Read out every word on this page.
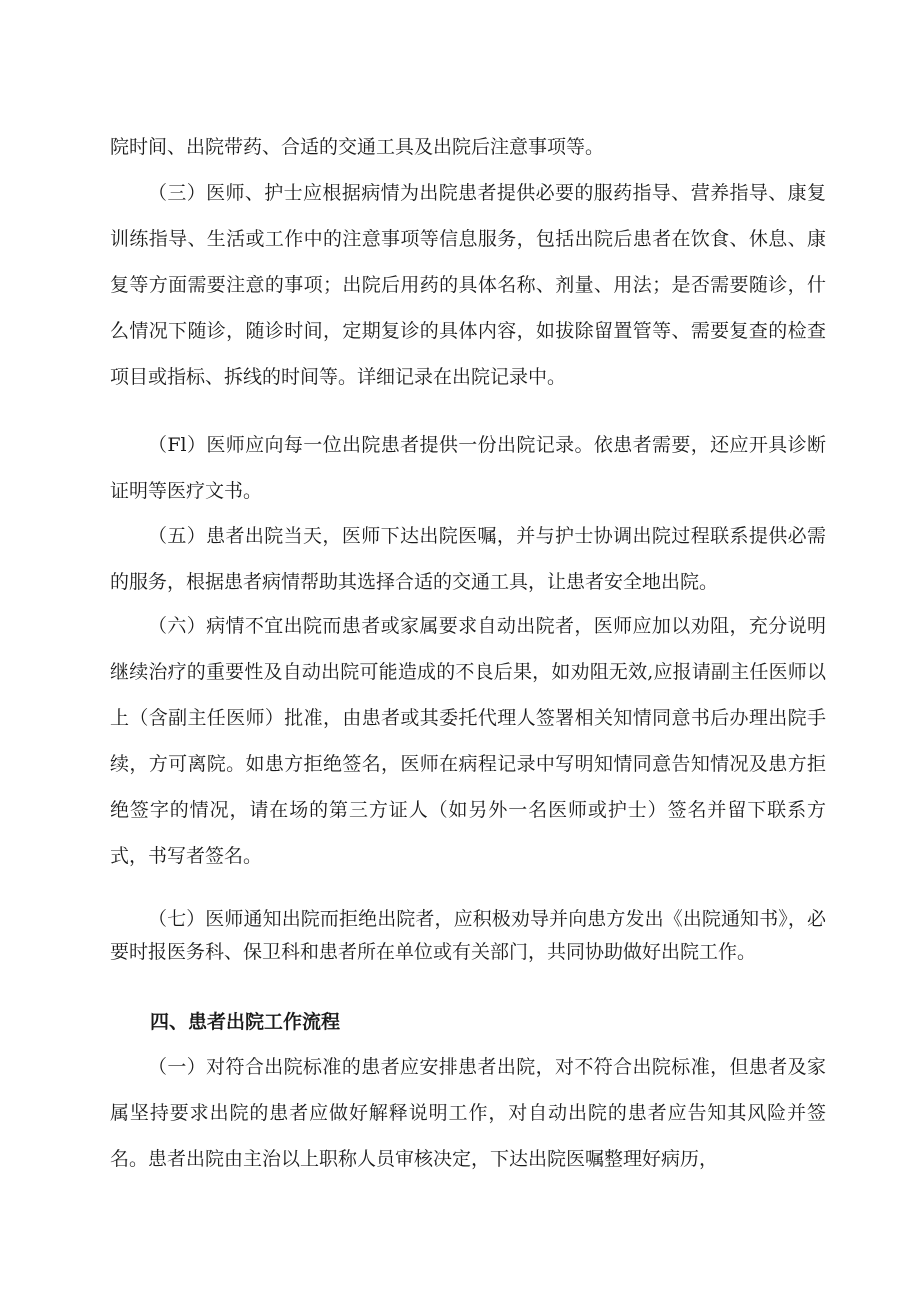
院时间、出院带药、合适的交通工具及出院后注意事项等。

（三）医师、护士应根据病情为出院患者提供必要的服药指导、营养指导、康复训练指导、生活或工作中的注意事项等信息服务，包括出院后患者在饮食、休息、康复等方面需要注意的事项；出院后用药的具体名称、剂量、用法；是否需要随诊，什么情况下随诊，随诊时间，定期复诊的具体内容，如拔除留置管等、需要复查的检查项目或指标、拆线的时间等。详细记录在出院记录中。

（Fl）医师应向每一位出院患者提供一份出院记录。依患者需要，还应开具诊断证明等医疗文书。

（五）患者出院当天，医师下达出院医嘱，并与护士协调出院过程联系提供必需的服务，根据患者病情帮助其选择合适的交通工具，让患者安全地出院。

（六）病情不宜出院而患者或家属要求自动出院者，医师应加以劝阻，充分说明继续治疗的重要性及自动出院可能造成的不良后果，如劝阻无效,应报请副主任医师以上（含副主任医师）批准，由患者或其委托代理人签署相关知情同意书后办理出院手续，方可离院。如患方拒绝签名，医师在病程记录中写明知情同意告知情况及患方拒绝签字的情况，请在场的第三方证人（如另外一名医师或护士）签名并留下联系方式，书写者签名。

（七）医师通知出院而拒绝出院者，应积极劝导并向患方发出《出院通知书》，必要时报医务科、保卫科和患者所在单位或有关部门，共同协助做好出院工作。

四、患者出院工作流程

（一）对符合出院标准的患者应安排患者出院，对不符合出院标准，但患者及家属坚持要求出院的患者应做好解释说明工作，对自动出院的患者应告知其风险并签名。患者出院由主治以上职称人员审核决定，下达出院医嘱整理好病历，
